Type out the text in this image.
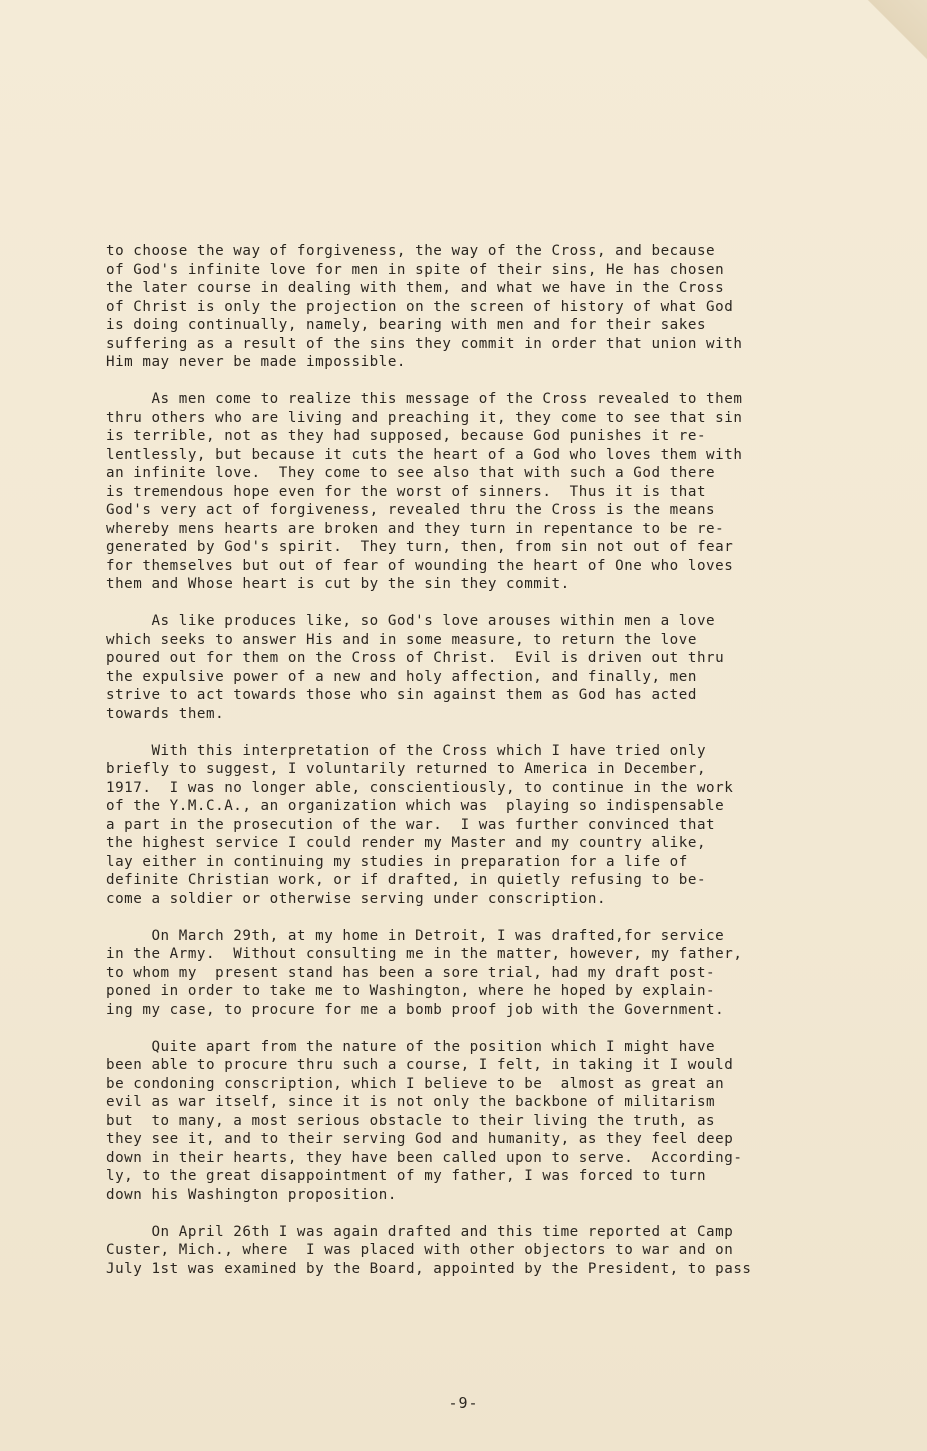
to choose the way of forgiveness, the way of the Cross, and because
of God's infinite love for men in spite of their sins, He has chosen
the later course in dealing with them, and what we have in the Cross
of Christ is only the projection on the screen of history of what God
is doing continually, namely, bearing with men and for their sakes
suffering as a result of the sins they commit in order that union with
Him may never be made impossible.

As men come to realize this message of the Cross revealed to them
thru others who are living and preaching it, they come to see that sin
is terrible, not as they had supposed, because God punishes it re-
lentlessly, but because it cuts the heart of a God who loves them with
an infinite love.  They come to see also that with such a God there
is tremendous hope even for the worst of sinners.  Thus it is that
God's very act of forgiveness, revealed thru the Cross is the means
whereby mens hearts are broken and they turn in repentance to be re-
generated by God's spirit.  They turn, then, from sin not out of fear
for themselves but out of fear of wounding the heart of One who loves
them and Whose heart is cut by the sin they commit.

As like produces like, so God's love arouses within men a love
which seeks to answer His and in some measure, to return the love
poured out for them on the Cross of Christ.  Evil is driven out thru
the expulsive power of a new and holy affection, and finally, men
strive to act towards those who sin against them as God has acted
towards them.

With this interpretation of the Cross which I have tried only
briefly to suggest, I voluntarily returned to America in December,
1917.  I was no longer able, conscientiously, to continue in the work
of the Y.M.C.A., an organization which was  playing so indispensable
a part in the prosecution of the war.  I was further convinced that
the highest service I could render my Master and my country alike,
lay either in continuing my studies in preparation for a life of
definite Christian work, or if drafted, in quietly refusing to be-
come a soldier or otherwise serving under conscription.

On March 29th, at my home in Detroit, I was drafted,for service
in the Army.  Without consulting me in the matter, however, my father,
to whom my  present stand has been a sore trial, had my draft post-
poned in order to take me to Washington, where he hoped by explain-
ing my case, to procure for me a bomb proof job with the Government.

Quite apart from the nature of the position which I might have
been able to procure thru such a course, I felt, in taking it I would
be condoning conscription, which I believe to be  almost as great an
evil as war itself, since it is not only the backbone of militarism
but  to many, a most serious obstacle to their living the truth, as
they see it, and to their serving God and humanity, as they feel deep
down in their hearts, they have been called upon to serve.  According-
ly, to the great disappointment of my father, I was forced to turn
down his Washington proposition.

On April 26th I was again drafted and this time reported at Camp
Custer, Mich., where  I was placed with other objectors to war and on
July 1st was examined by the Board, appointed by the President, to pass

-9-
